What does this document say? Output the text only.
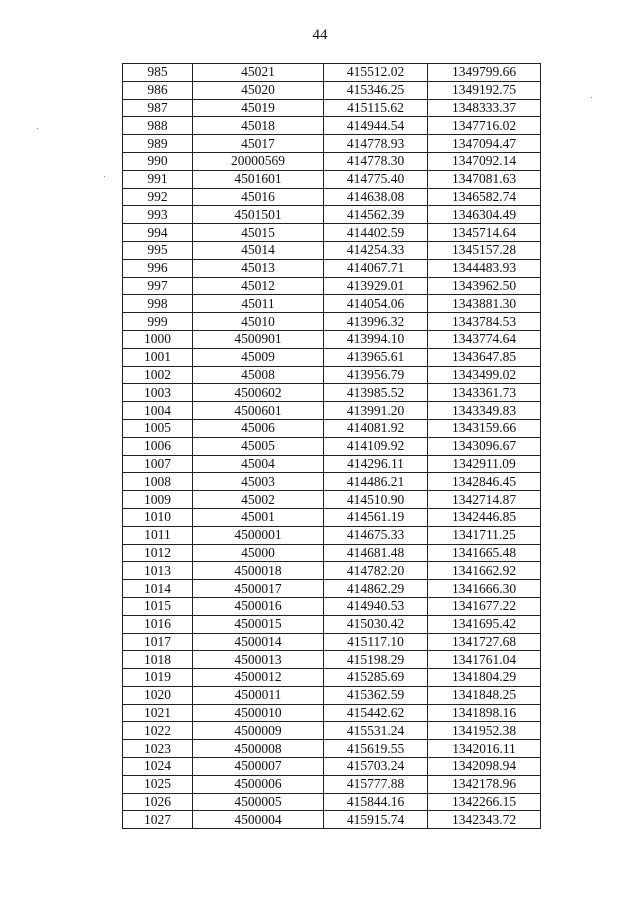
44
985	45021	415512.02	1349799.66
986	45020	415346.25	1349192.75
987	45019	415115.62	1348333.37
988	45018	414944.54	1347716.02
989	45017	414778.93	1347094.47
990	20000569	414778.30	1347092.14
991	4501601	414775.40	1347081.63
992	45016	414638.08	1346582.74
993	4501501	414562.39	1346304.49
994	45015	414402.59	1345714.64
995	45014	414254.33	1345157.28
996	45013	414067.71	1344483.93
997	45012	413929.01	1343962.50
998	45011	414054.06	1343881.30
999	45010	413996.32	1343784.53
1000	4500901	413994.10	1343774.64
1001	45009	413965.61	1343647.85
1002	45008	413956.79	1343499.02
1003	4500602	413985.52	1343361.73
1004	4500601	413991.20	1343349.83
1005	45006	414081.92	1343159.66
1006	45005	414109.92	1343096.67
1007	45004	414296.11	1342911.09
1008	45003	414486.21	1342846.45
1009	45002	414510.90	1342714.87
1010	45001	414561.19	1342446.85
1011	4500001	414675.33	1341711.25
1012	45000	414681.48	1341665.48
1013	4500018	414782.20	1341662.92
1014	4500017	414862.29	1341666.30
1015	4500016	414940.53	1341677.22
1016	4500015	415030.42	1341695.42
1017	4500014	415117.10	1341727.68
1018	4500013	415198.29	1341761.04
1019	4500012	415285.69	1341804.29
1020	4500011	415362.59	1341848.25
1021	4500010	415442.62	1341898.16
1022	4500009	415531.24	1341952.38
1023	4500008	415619.55	1342016.11
1024	4500007	415703.24	1342098.94
1025	4500006	415777.88	1342178.96
1026	4500005	415844.16	1342266.15
1027	4500004	415915.74	1342343.72
